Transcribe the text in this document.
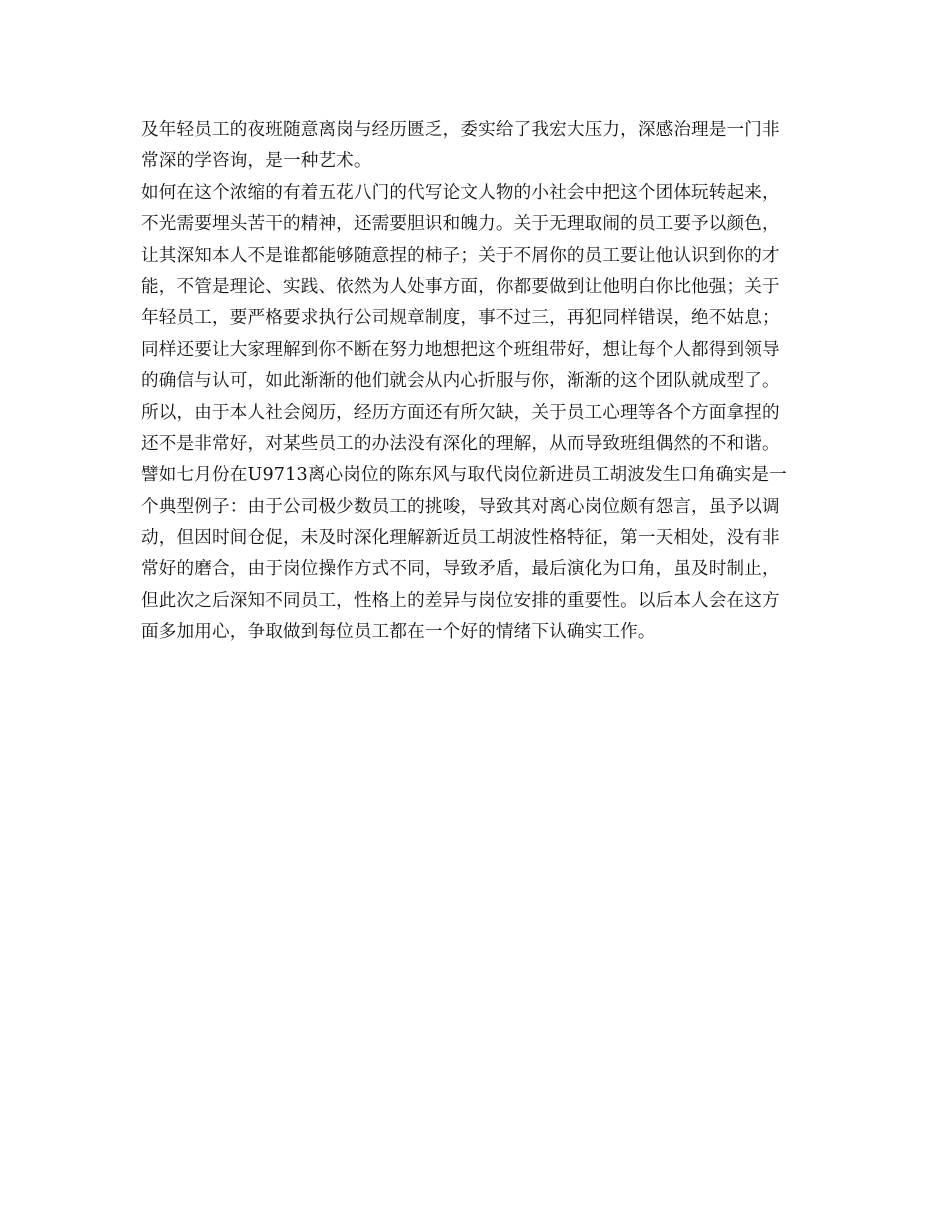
及年轻员工的夜班随意离岗与经历匮乏，委实给了我宏大压力，深感治理是一门非
常深的学咨询，是一种艺术。
如何在这个浓缩的有着五花八门的代写论文人物的小社会中把这个团体玩转起来，
不光需要埋头苦干的精神，还需要胆识和魄力。关于无理取闹的员工要予以颜色，
让其深知本人不是谁都能够随意捏的柿子；关于不屑你的员工要让他认识到你的才
能，不管是理论、实践、依然为人处事方面，你都要做到让他明白你比他强；关于
年轻员工，要严格要求执行公司规章制度，事不过三，再犯同样错误，绝不姑息；
同样还要让大家理解到你不断在努力地想把这个班组带好，想让每个人都得到领导
的确信与认可，如此渐渐的他们就会从内心折服与你，渐渐的这个团队就成型了。
所以，由于本人社会阅历，经历方面还有所欠缺，关于员工心理等各个方面拿捏的
还不是非常好，对某些员工的办法没有深化的理解，从而导致班组偶然的不和谐。
譬如七月份在U9713离心岗位的陈东风与取代岗位新进员工胡波发生口角确实是一
个典型例子：由于公司极少数员工的挑唆，导致其对离心岗位颇有怨言，虽予以调
动，但因时间仓促，未及时深化理解新近员工胡波性格特征，第一天相处，没有非
常好的磨合，由于岗位操作方式不同，导致矛盾，最后演化为口角，虽及时制止，
但此次之后深知不同员工，性格上的差异与岗位安排的重要性。以后本人会在这方
面多加用心，争取做到每位员工都在一个好的情绪下认确实工作。
